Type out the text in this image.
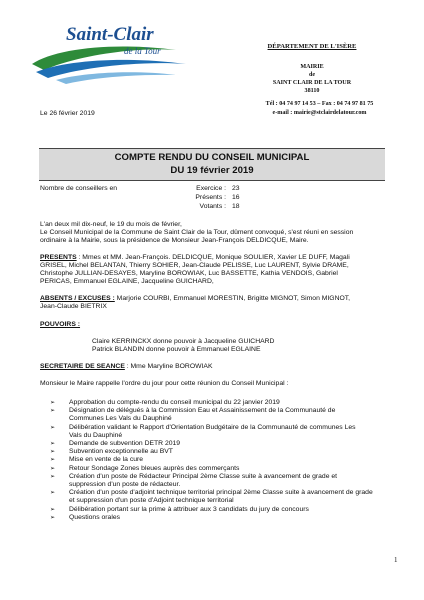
Saint-Clair
de la Tour	DÉPARTEMENT DE L'ISÈRE
MAIRIE
de
SAINT CLAIR DE LA TOUR
38110
Tél : 04 74 97 14 53 – Fax : 04 74 97 81 75
e-mail : mairie@stclairdelatour.com
Le 26 février 2019
COMPTE RENDU DU CONSEIL MUNICIPAL
DU 19 février 2019
Nombre de conseillers en	Exercice : 23
Présents : 16
Votants : 18
L'an deux mil dix-neuf, le 19 du mois de février,
Le Conseil Municipal de la Commune de Saint Clair de la Tour, dûment convoqué, s'est réuni en session
ordinaire à la Mairie, sous la présidence de Monsieur Jean-François DELDICQUE, Maire.
PRESENTS : Mmes et MM. Jean-François. DELDICQUE, Monique SOULIER, Xavier LE DUFF, Magali
GRISEL, Michel BELANTAN, Thierry SOHIER, Jean-Claude PELISSE, Luc LAURENT, Sylvie DRAME,
Christophe JULLIAN-DESAYES, Maryline BOROWIAK, Luc BASSETTE, Kathia VENDOIS, Gabriel
PERICAS, Emmanuel EGLAINE, Jacqueline GUICHARD,
ABSENTS / EXCUSES : Marjorie COURBI, Emmanuel MORESTIN, Brigitte MIGNOT, Simon MIGNOT,
Jean-Claude BIETRIX
POUVOIRS :
Claire KERRINCKX donne pouvoir à Jacqueline GUICHARD
Patrick BLANDIN donne pouvoir à Emmanuel EGLAINE
SECRETAIRE DE SEANCE : Mme Maryline BOROWIAK
Monsieur le Maire rappelle l'ordre du jour pour cette réunion du Conseil Municipal :
➢ Approbation du compte-rendu du conseil municipal du 22 janvier 2019
➢ Désignation de délégués à la Commission Eau et Assainissement de la Communauté de
Communes Les Vals du Dauphiné
➢ Délibération validant le Rapport d'Orientation Budgétaire de la Communauté de communes Les
Vals du Dauphiné
➢ Demande de subvention DETR 2019
➢ Subvention exceptionnelle au BVT
➢ Mise en vente de la cure
➢ Retour Sondage Zones bleues auprès des commerçants
➢ Création d'un poste de Rédacteur Principal 2ème Classe suite à avancement de grade et
suppression d'un poste de rédacteur.
➢ Création d'un poste d'adjoint technique territorial principal 2ème Classe suite à avancement de grade
et suppression d'un poste d'Adjoint technique territorial
➢ Délibération portant sur la prime à attribuer aux 3 candidats du jury de concours
➢ Questions orales
1
